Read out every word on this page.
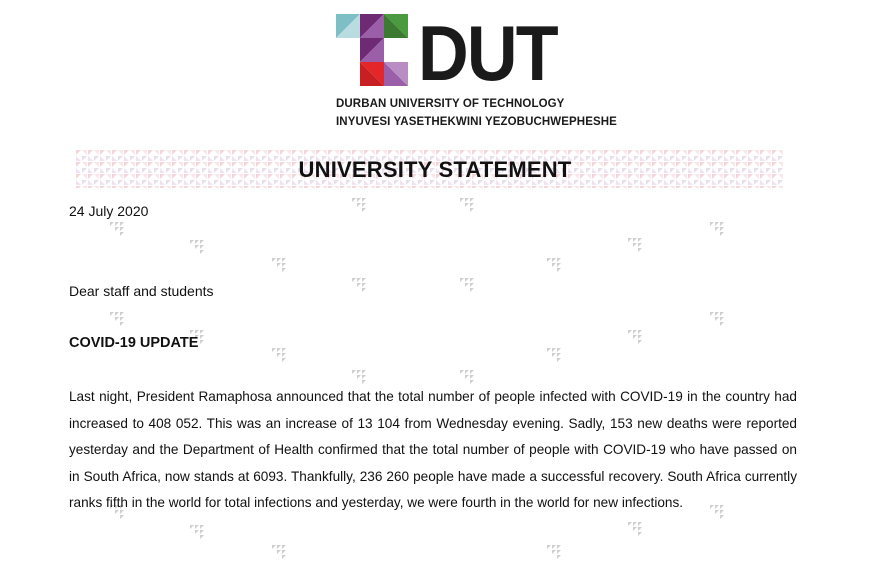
DUT
DURBAN UNIVERSITY OF TECHNOLOGY
INYUVESI YASETHEKWINI YEZOBUCHWEPHESHE
UNIVERSITY STATEMENT
24 July 2020
Dear staff and students
COVID-19 UPDATE

Last night, President Ramaphosa announced that the total number of people infected with COVID-19 in the country had increased to 408 052. This was an increase of 13 104 from Wednesday evening. Sadly, 153 new deaths were reported yesterday and the Department of Health confirmed that the total number of people with COVID-19 who have passed on in South Africa, now stands at 6093. Thankfully, 236 260 people have made a successful recovery. South Africa currently ranks fifth in the world for total infections and yesterday, we were fourth in the world for new infections.
